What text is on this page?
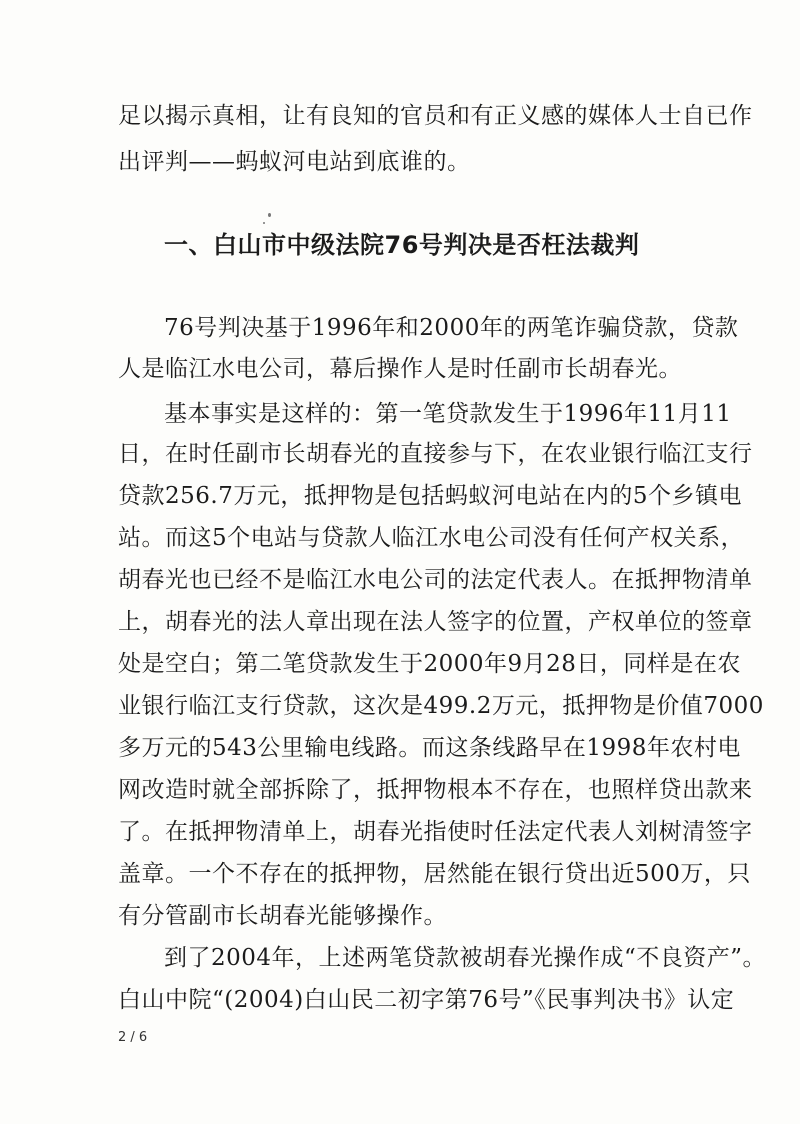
足以揭示真相，让有良知的官员和有正义感的媒体人士自已作
出评判——蚂蚁河电站到底谁的。
一、白山市中级法院76号判决是否枉法裁判
76号判决基于1996年和2000年的两笔诈骗贷款，贷款
人是临江水电公司，幕后操作人是时任副市长胡春光。
基本事实是这样的：第一笔贷款发生于1996年11月11
日，在时任副市长胡春光的直接参与下，在农业银行临江支行
贷款256.7万元，抵押物是包括蚂蚁河电站在内的5个乡镇电
站。而这5个电站与贷款人临江水电公司没有任何产权关系，
胡春光也已经不是临江水电公司的法定代表人。在抵押物清单
上，胡春光的法人章出现在法人签字的位置，产权单位的签章
处是空白；第二笔贷款发生于2000年9月28日，同样是在农
业银行临江支行贷款，这次是499.2万元，抵押物是价值7000
多万元的543公里输电线路。而这条线路早在1998年农村电
网改造时就全部拆除了，抵押物根本不存在，也照样贷出款来
了。在抵押物清单上，胡春光指使时任法定代表人刘树清签字
盖章。一个不存在的抵押物，居然能在银行贷出近500万，只
有分管副市长胡春光能够操作。
到了2004年，上述两笔贷款被胡春光操作成“不良资产”。
白山中院“(2004)白山民二初字第76号”《民事判决书》认定
2 / 6
